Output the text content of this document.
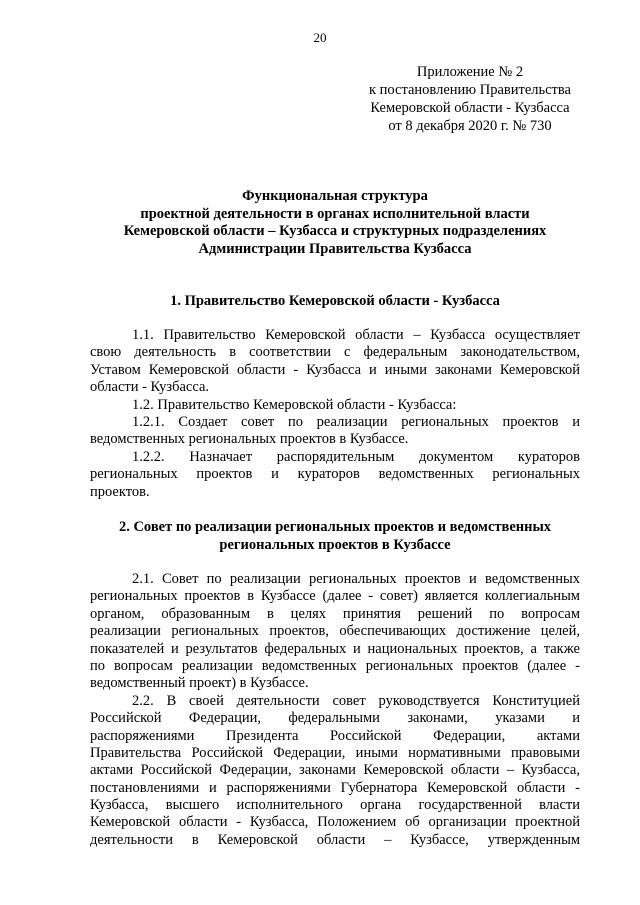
20
Приложение № 2
к постановлению Правительства
Кемеровской области - Кузбасса
от 8 декабря 2020 г. № 730
Функциональная структура
проектной деятельности в органах исполнительной власти
Кемеровской области – Кузбасса и структурных подразделениях
Администрации Правительства Кузбасса
1. Правительство Кемеровской области - Кузбасса
1.1. Правительство Кемеровской области – Кузбасса осуществляет
свою деятельность в соответствии с федеральным законодательством,
Уставом Кемеровской области - Кузбасса и иными законами Кемеровской
области - Кузбасса.
1.2. Правительство Кемеровской области - Кузбасса:
1.2.1. Создает совет по реализации региональных проектов и
ведомственных региональных проектов в Кузбассе.
1.2.2. Назначает распорядительным документом кураторов
региональных проектов и кураторов ведомственных региональных
проектов.
2. Совет по реализации региональных проектов и ведомственных
региональных проектов в Кузбассе
2.1. Совет по реализации региональных проектов и ведомственных
региональных проектов в Кузбассе (далее - совет) является коллегиальным
органом, образованным в целях принятия решений по вопросам
реализации региональных проектов, обеспечивающих достижение целей,
показателей и результатов федеральных и национальных проектов, а также
по вопросам реализации ведомственных региональных проектов (далее -
ведомственный проект) в Кузбассе.
2.2. В своей деятельности совет руководствуется Конституцией
Российской Федерации, федеральными законами, указами и
распоряжениями Президента Российской Федерации, актами
Правительства Российской Федерации, иными нормативными правовыми
актами Российской Федерации, законами Кемеровской области – Кузбасса,
постановлениями и распоряжениями Губернатора Кемеровской области -
Кузбасса, высшего исполнительного органа государственной власти
Кемеровской области - Кузбасса, Положением об организации проектной
деятельности в Кемеровской области – Кузбассе, утвержденным
